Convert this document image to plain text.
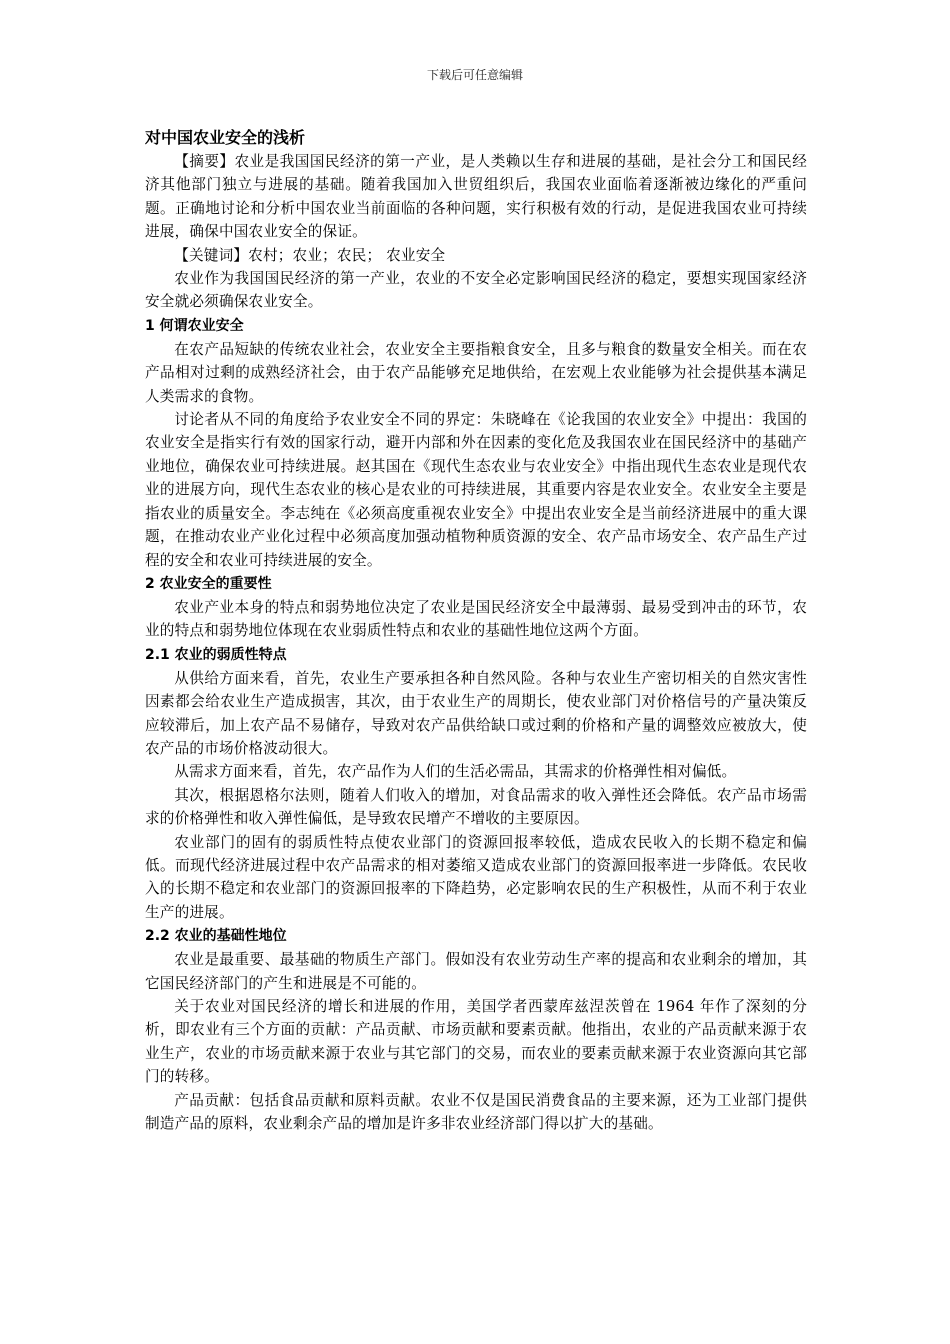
下载后可任意编辑

对中国农业安全的浅析

【摘要】农业是我国国民经济的第一产业，是人类赖以生存和进展的基础，是社会分工和国民经济其他部门独立与进展的基础。随着我国加入世贸组织后，我国农业面临着逐渐被边缘化的严重问题。正确地讨论和分析中国农业当前面临的各种问题，实行积极有效的行动，是促进我国农业可持续进展，确保中国农业安全的保证。

【关键词】农村；农业；农民； 农业安全

农业作为我国国民经济的第一产业，农业的不安全必定影响国民经济的稳定，要想实现国家经济安全就必须确保农业安全。

1 何谓农业安全

在农产品短缺的传统农业社会，农业安全主要指粮食安全，且多与粮食的数量安全相关。而在农产品相对过剩的成熟经济社会，由于农产品能够充足地供给，在宏观上农业能够为社会提供基本满足人类需求的食物。

讨论者从不同的角度给予农业安全不同的界定：朱晓峰在《论我国的农业安全》中提出：我国的农业安全是指实行有效的国家行动，避开内部和外在因素的变化危及我国农业在国民经济中的基础产业地位，确保农业可持续进展。赵其国在《现代生态农业与农业安全》中指出现代生态农业是现代农业的进展方向，现代生态农业的核心是农业的可持续进展，其重要内容是农业安全。农业安全主要是指农业的质量安全。李志纯在《必须高度重视农业安全》中提出农业安全是当前经济进展中的重大课题，在推动农业产业化过程中必须高度加强动植物种质资源的安全、农产品市场安全、农产品生产过程的安全和农业可持续进展的安全。

2 农业安全的重要性

农业产业本身的特点和弱势地位决定了农业是国民经济安全中最薄弱、最易受到冲击的环节，农业的特点和弱势地位体现在农业弱质性特点和农业的基础性地位这两个方面。

2.1 农业的弱质性特点

从供给方面来看，首先，农业生产要承担各种自然风险。各种与农业生产密切相关的自然灾害性因素都会给农业生产造成损害，其次，由于农业生产的周期长，使农业部门对价格信号的产量决策反应较滞后，加上农产品不易储存，导致对农产品供给缺口或过剩的价格和产量的调整效应被放大，使农产品的市场价格波动很大。

从需求方面来看，首先，农产品作为人们的生活必需品，其需求的价格弹性相对偏低。

其次，根据恩格尔法则，随着人们收入的增加，对食品需求的收入弹性还会降低。农产品市场需求的价格弹性和收入弹性偏低，是导致农民增产不增收的主要原因。

农业部门的固有的弱质性特点使农业部门的资源回报率较低，造成农民收入的长期不稳定和偏低。而现代经济进展过程中农产品需求的相对萎缩又造成农业部门的资源回报率进一步降低。农民收入的长期不稳定和农业部门的资源回报率的下降趋势，必定影响农民的生产积极性，从而不利于农业生产的进展。

2.2 农业的基础性地位

农业是最重要、最基础的物质生产部门。假如没有农业劳动生产率的提高和农业剩余的增加，其它国民经济部门的产生和进展是不可能的。

关于农业对国民经济的增长和进展的作用，美国学者西蒙库兹涅茨曾在 1964 年作了深刻的分析，即农业有三个方面的贡献：产品贡献、市场贡献和要素贡献。他指出，农业的产品贡献来源于农业生产，农业的市场贡献来源于农业与其它部门的交易，而农业的要素贡献来源于农业资源向其它部门的转移。

产品贡献：包括食品贡献和原料贡献。农业不仅是国民消费食品的主要来源，还为工业部门提供制造产品的原料，农业剩余产品的增加是许多非农业经济部门得以扩大的基础。
